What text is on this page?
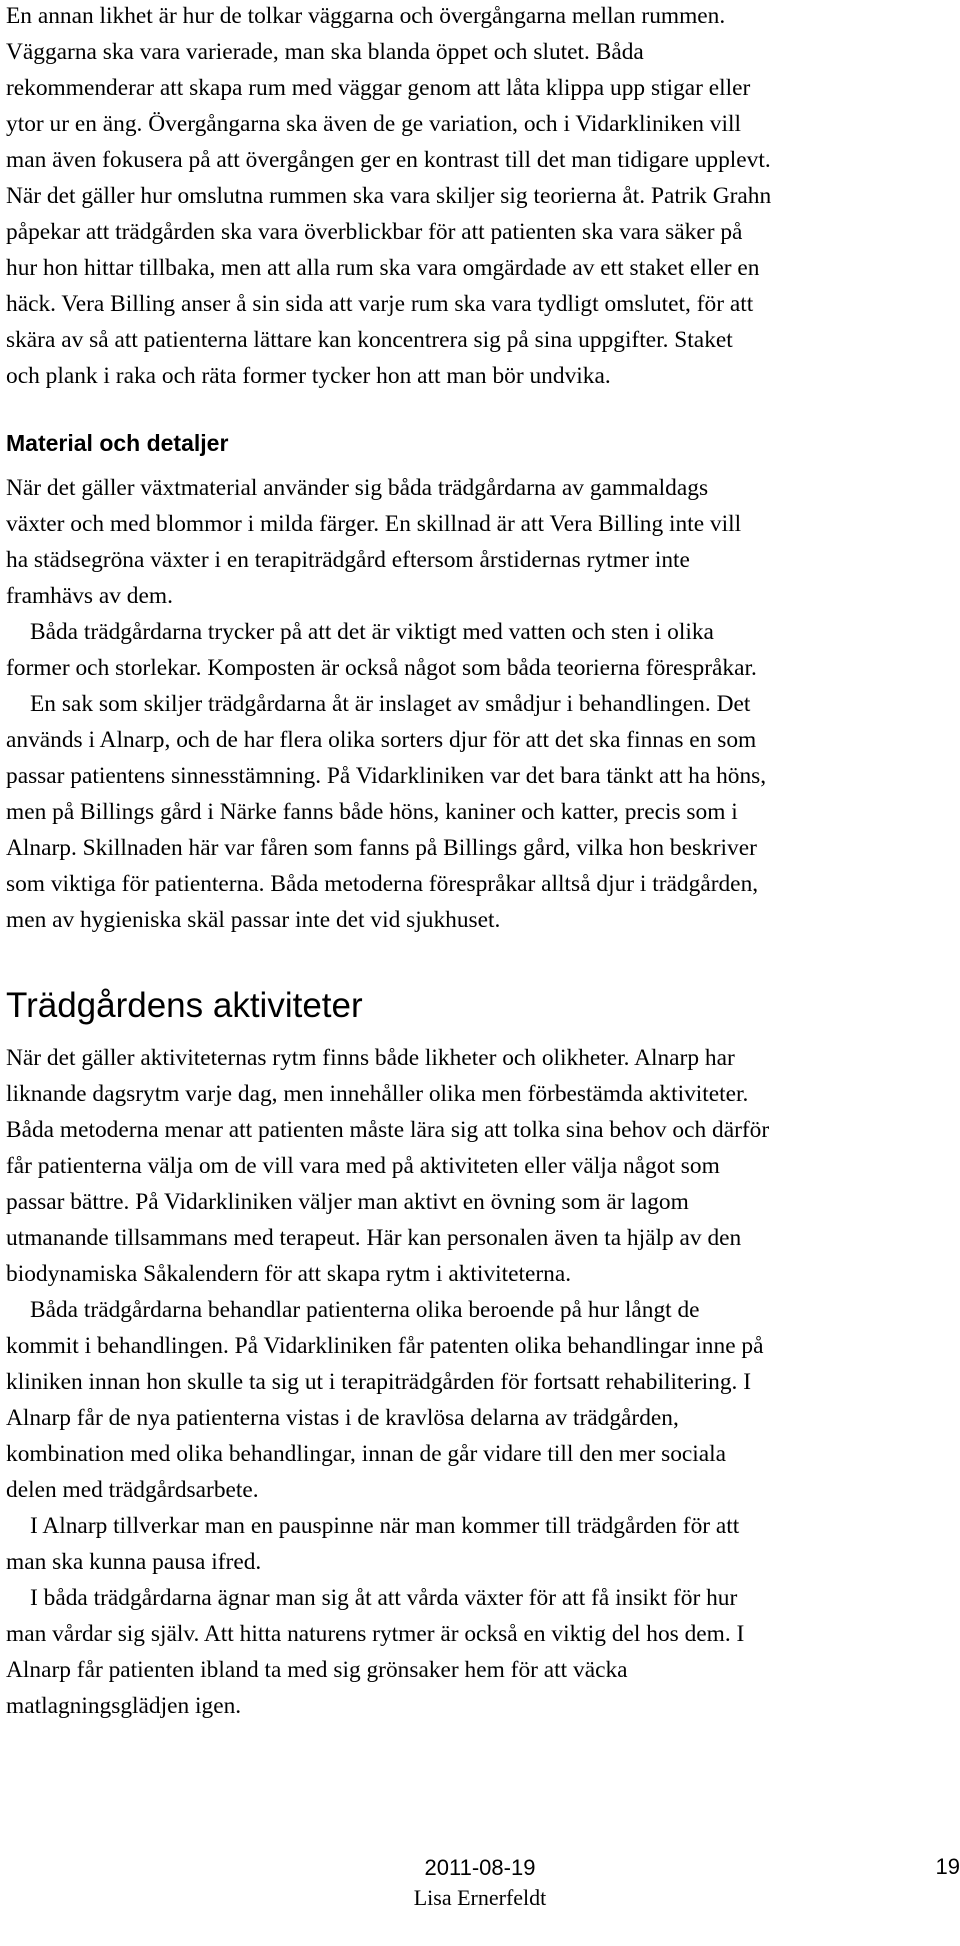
En annan likhet är hur de tolkar väggarna och övergångarna mellan rummen.
Väggarna ska vara varierade, man ska blanda öppet och slutet. Båda
rekommenderar att skapa rum med väggar genom att låta klippa upp stigar eller
ytor ur en äng. Övergångarna ska även de ge variation, och i Vidarkliniken vill
man även fokusera på att övergången ger en kontrast till det man tidigare upplevt.
När det gäller hur omslutna rummen ska vara skiljer sig teorierna åt. Patrik Grahn
påpekar att trädgården ska vara överblickbar för att patienten ska vara säker på
hur hon hittar tillbaka, men att alla rum ska vara omgärdade av ett staket eller en
häck. Vera Billing anser å sin sida att varje rum ska vara tydligt omslutet, för att
skära av så att patienterna lättare kan koncentrera sig på sina uppgifter. Staket
och plank i raka och räta former tycker hon att man bör undvika.

Material och detaljer

När det gäller växtmaterial använder sig båda trädgårdarna av gammaldags
växter och med blommor i milda färger. En skillnad är att Vera Billing inte vill
ha städsegröna växter i en terapiträdgård eftersom årstidernas rytmer inte
framhävs av dem.

Båda trädgårdarna trycker på att det är viktigt med vatten och sten i olika
former och storlekar. Komposten är också något som båda teorierna förespråkar.

En sak som skiljer trädgårdarna åt är inslaget av smådjur i behandlingen. Det
används i Alnarp, och de har flera olika sorters djur för att det ska finnas en som
passar patientens sinnesstämning. På Vidarkliniken var det bara tänkt att ha höns,
men på Billings gård i Närke fanns både höns, kaniner och katter, precis som i
Alnarp. Skillnaden här var fåren som fanns på Billings gård, vilka hon beskriver
som viktiga för patienterna. Båda metoderna förespråkar alltså djur i trädgården,
men av hygieniska skäl passar inte det vid sjukhuset.

Trädgårdens aktiviteter

När det gäller aktiviteternas rytm finns både likheter och olikheter. Alnarp har
liknande dagsrytm varje dag, men innehåller olika men förbestämda aktiviteter.
Båda metoderna menar att patienten måste lära sig att tolka sina behov och därför
får patienterna välja om de vill vara med på aktiviteten eller välja något som
passar bättre. På Vidarkliniken väljer man aktivt en övning som är lagom
utmanande tillsammans med terapeut. Här kan personalen även ta hjälp av den
biodynamiska Såkalendern för att skapa rytm i aktiviteterna.

Båda trädgårdarna behandlar patienterna olika beroende på hur långt de
kommit i behandlingen. På Vidarkliniken får patenten olika behandlingar inne på
kliniken innan hon skulle ta sig ut i terapiträdgården för fortsatt rehabilitering. I
Alnarp får de nya patienterna vistas i de kravlösa delarna av trädgården,
kombination med olika behandlingar, innan de går vidare till den mer sociala
delen med trädgårdsarbete.

I Alnarp tillverkar man en pauspinne när man kommer till trädgården för att
man ska kunna pausa ifred.

I båda trädgårdarna ägnar man sig åt att vårda växter för att få insikt för hur
man vårdar sig själv. Att hitta naturens rytmer är också en viktig del hos dem. I
Alnarp får patienten ibland ta med sig grönsaker hem för att väcka
matlagningsglädjen igen.

2011-08-19
Lisa Ernerfeldt
19
